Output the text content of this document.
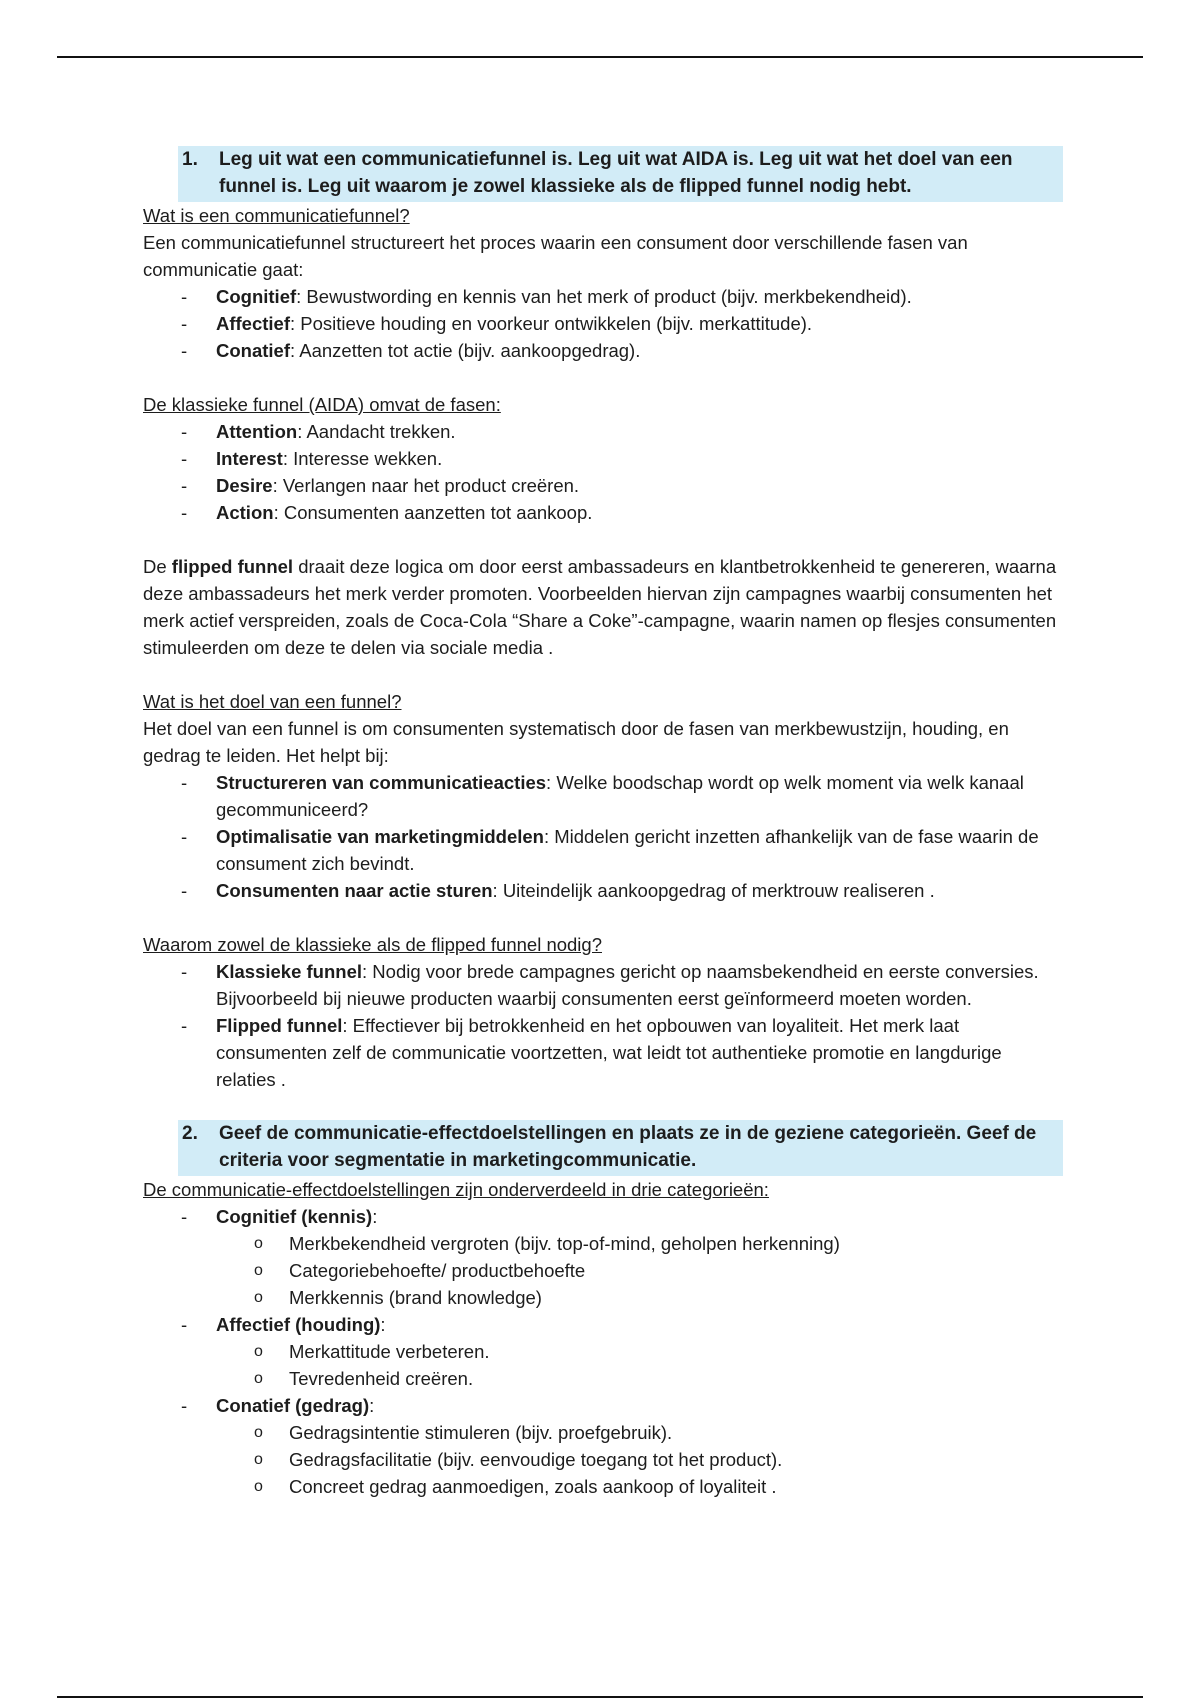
1.	Leg uit wat een communicatiefunnel is. Leg uit wat AIDA is. Leg uit wat het doel van een funnel is. Leg uit waarom je zowel klassieke als de flipped funnel nodig hebt.

Wat is een communicatiefunnel?

Een communicatiefunnel structureert het proces waarin een consument door verschillende fasen van communicatie gaat:

- Cognitief: Bewustwording en kennis van het merk of product (bijv. merkbekendheid).
- Affectief: Positieve houding en voorkeur ontwikkelen (bijv. merkattitude).
- Conatief: Aanzetten tot actie (bijv. aankoopgedrag).

De klassieke funnel (AIDA) omvat de fasen:

- Attention: Aandacht trekken.
- Interest: Interesse wekken.
- Desire: Verlangen naar het product creëren.
- Action: Consumenten aanzetten tot aankoop.

De flipped funnel draait deze logica om door eerst ambassadeurs en klantbetrokkenheid te genereren, waarna deze ambassadeurs het merk verder promoten. Voorbeelden hiervan zijn campagnes waarbij consumenten het merk actief verspreiden, zoals de Coca-Cola “Share a Coke”-campagne, waarin namen op flesjes consumenten stimuleerden om deze te delen via sociale media .

Wat is het doel van een funnel?

Het doel van een funnel is om consumenten systematisch door de fasen van merkbewustzijn, houding, en gedrag te leiden. Het helpt bij:

- Structureren van communicatieacties: Welke boodschap wordt op welk moment via welk kanaal gecommuniceerd?
- Optimalisatie van marketingmiddelen: Middelen gericht inzetten afhankelijk van de fase waarin de consument zich bevindt.
- Consumenten naar actie sturen: Uiteindelijk aankoopgedrag of merktrouw realiseren .

Waarom zowel de klassieke als de flipped funnel nodig?

- Klassieke funnel: Nodig voor brede campagnes gericht op naamsbekendheid en eerste conversies. Bijvoorbeeld bij nieuwe producten waarbij consumenten eerst geïnformeerd moeten worden.
- Flipped funnel: Effectiever bij betrokkenheid en het opbouwen van loyaliteit. Het merk laat consumenten zelf de communicatie voortzetten, wat leidt tot authentieke promotie en langdurige relaties .
2.	Geef de communicatie-effectdoelstellingen en plaats ze in de geziene categorieën. Geef de criteria voor segmentatie in marketingcommunicatie.

De communicatie-effectdoelstellingen zijn onderverdeeld in drie categorieën:

- Cognitief (kennis):
o Merkbekendheid vergroten (bijv. top-of-mind, geholpen herkenning)
o Categoriebehoefte/ productbehoefte
o Merkkennis (brand knowledge)
- Affectief (houding):
o Merkattitude verbeteren.
o Tevredenheid creëren.
- Conatief (gedrag):
o Gedragsintentie stimuleren (bijv. proefgebruik).
o Gedragsfacilitatie (bijv. eenvoudige toegang tot het product).
o Concreet gedrag aanmoedigen, zoals aankoop of loyaliteit .
